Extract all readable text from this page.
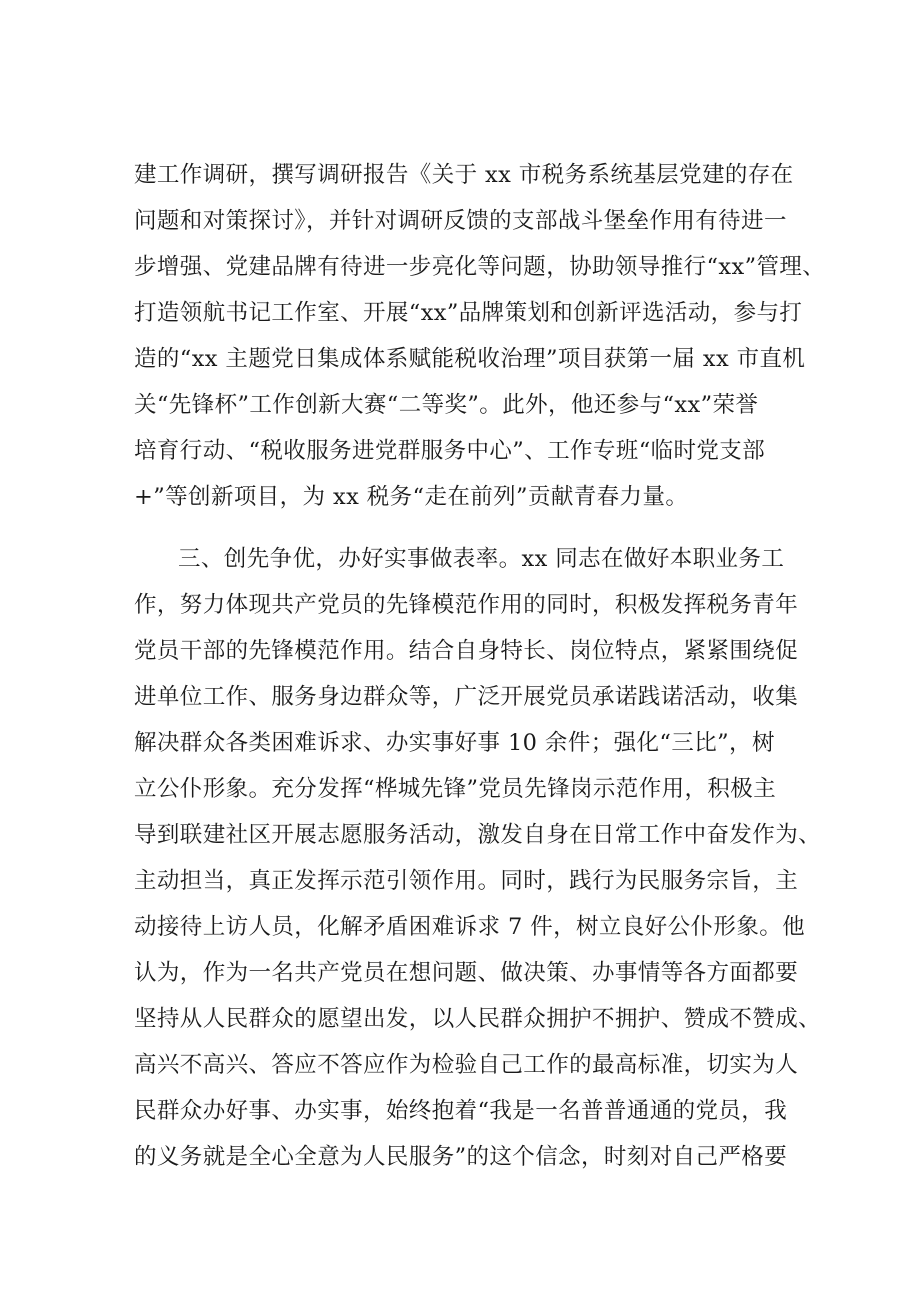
建工作调研，撰写调研报告《关于 xx 市税务系统基层党建的存在
问题和对策探讨》，并针对调研反馈的支部战斗堡垒作用有待进一
步增强、党建品牌有待进一步亮化等问题，协助领导推行“xx”管理、
打造领航书记工作室、开展“xx”品牌策划和创新评选活动，参与打
造的“xx 主题党日集成体系赋能税收治理”项目获第一届 xx 市直机
关“先锋杯”工作创新大赛“二等奖”。此外，他还参与“xx”荣誉
培育行动、“税收服务进党群服务中心”、工作专班“临时党支部
+”等创新项目，为 xx 税务“走在前列”贡献青春力量。
三、创先争优，办好实事做表率。xx 同志在做好本职业务工
作，努力体现共产党员的先锋模范作用的同时，积极发挥税务青年
党员干部的先锋模范作用。结合自身特长、岗位特点，紧紧围绕促
进单位工作、服务身边群众等，广泛开展党员承诺践诺活动，收集
解决群众各类困难诉求、办实事好事 10 余件；强化“三比”，树
立公仆形象。充分发挥“桦城先锋”党员先锋岗示范作用，积极主
导到联建社区开展志愿服务活动，激发自身在日常工作中奋发作为、
主动担当，真正发挥示范引领作用。同时，践行为民服务宗旨，主
动接待上访人员，化解矛盾困难诉求 7 件，树立良好公仆形象。他
认为，作为一名共产党员在想问题、做决策、办事情等各方面都要
坚持从人民群众的愿望出发，以人民群众拥护不拥护、赞成不赞成、
高兴不高兴、答应不答应作为检验自己工作的最高标准，切实为人
民群众办好事、办实事，始终抱着“我是一名普普通通的党员，我
的义务就是全心全意为人民服务”的这个信念，时刻对自己严格要
